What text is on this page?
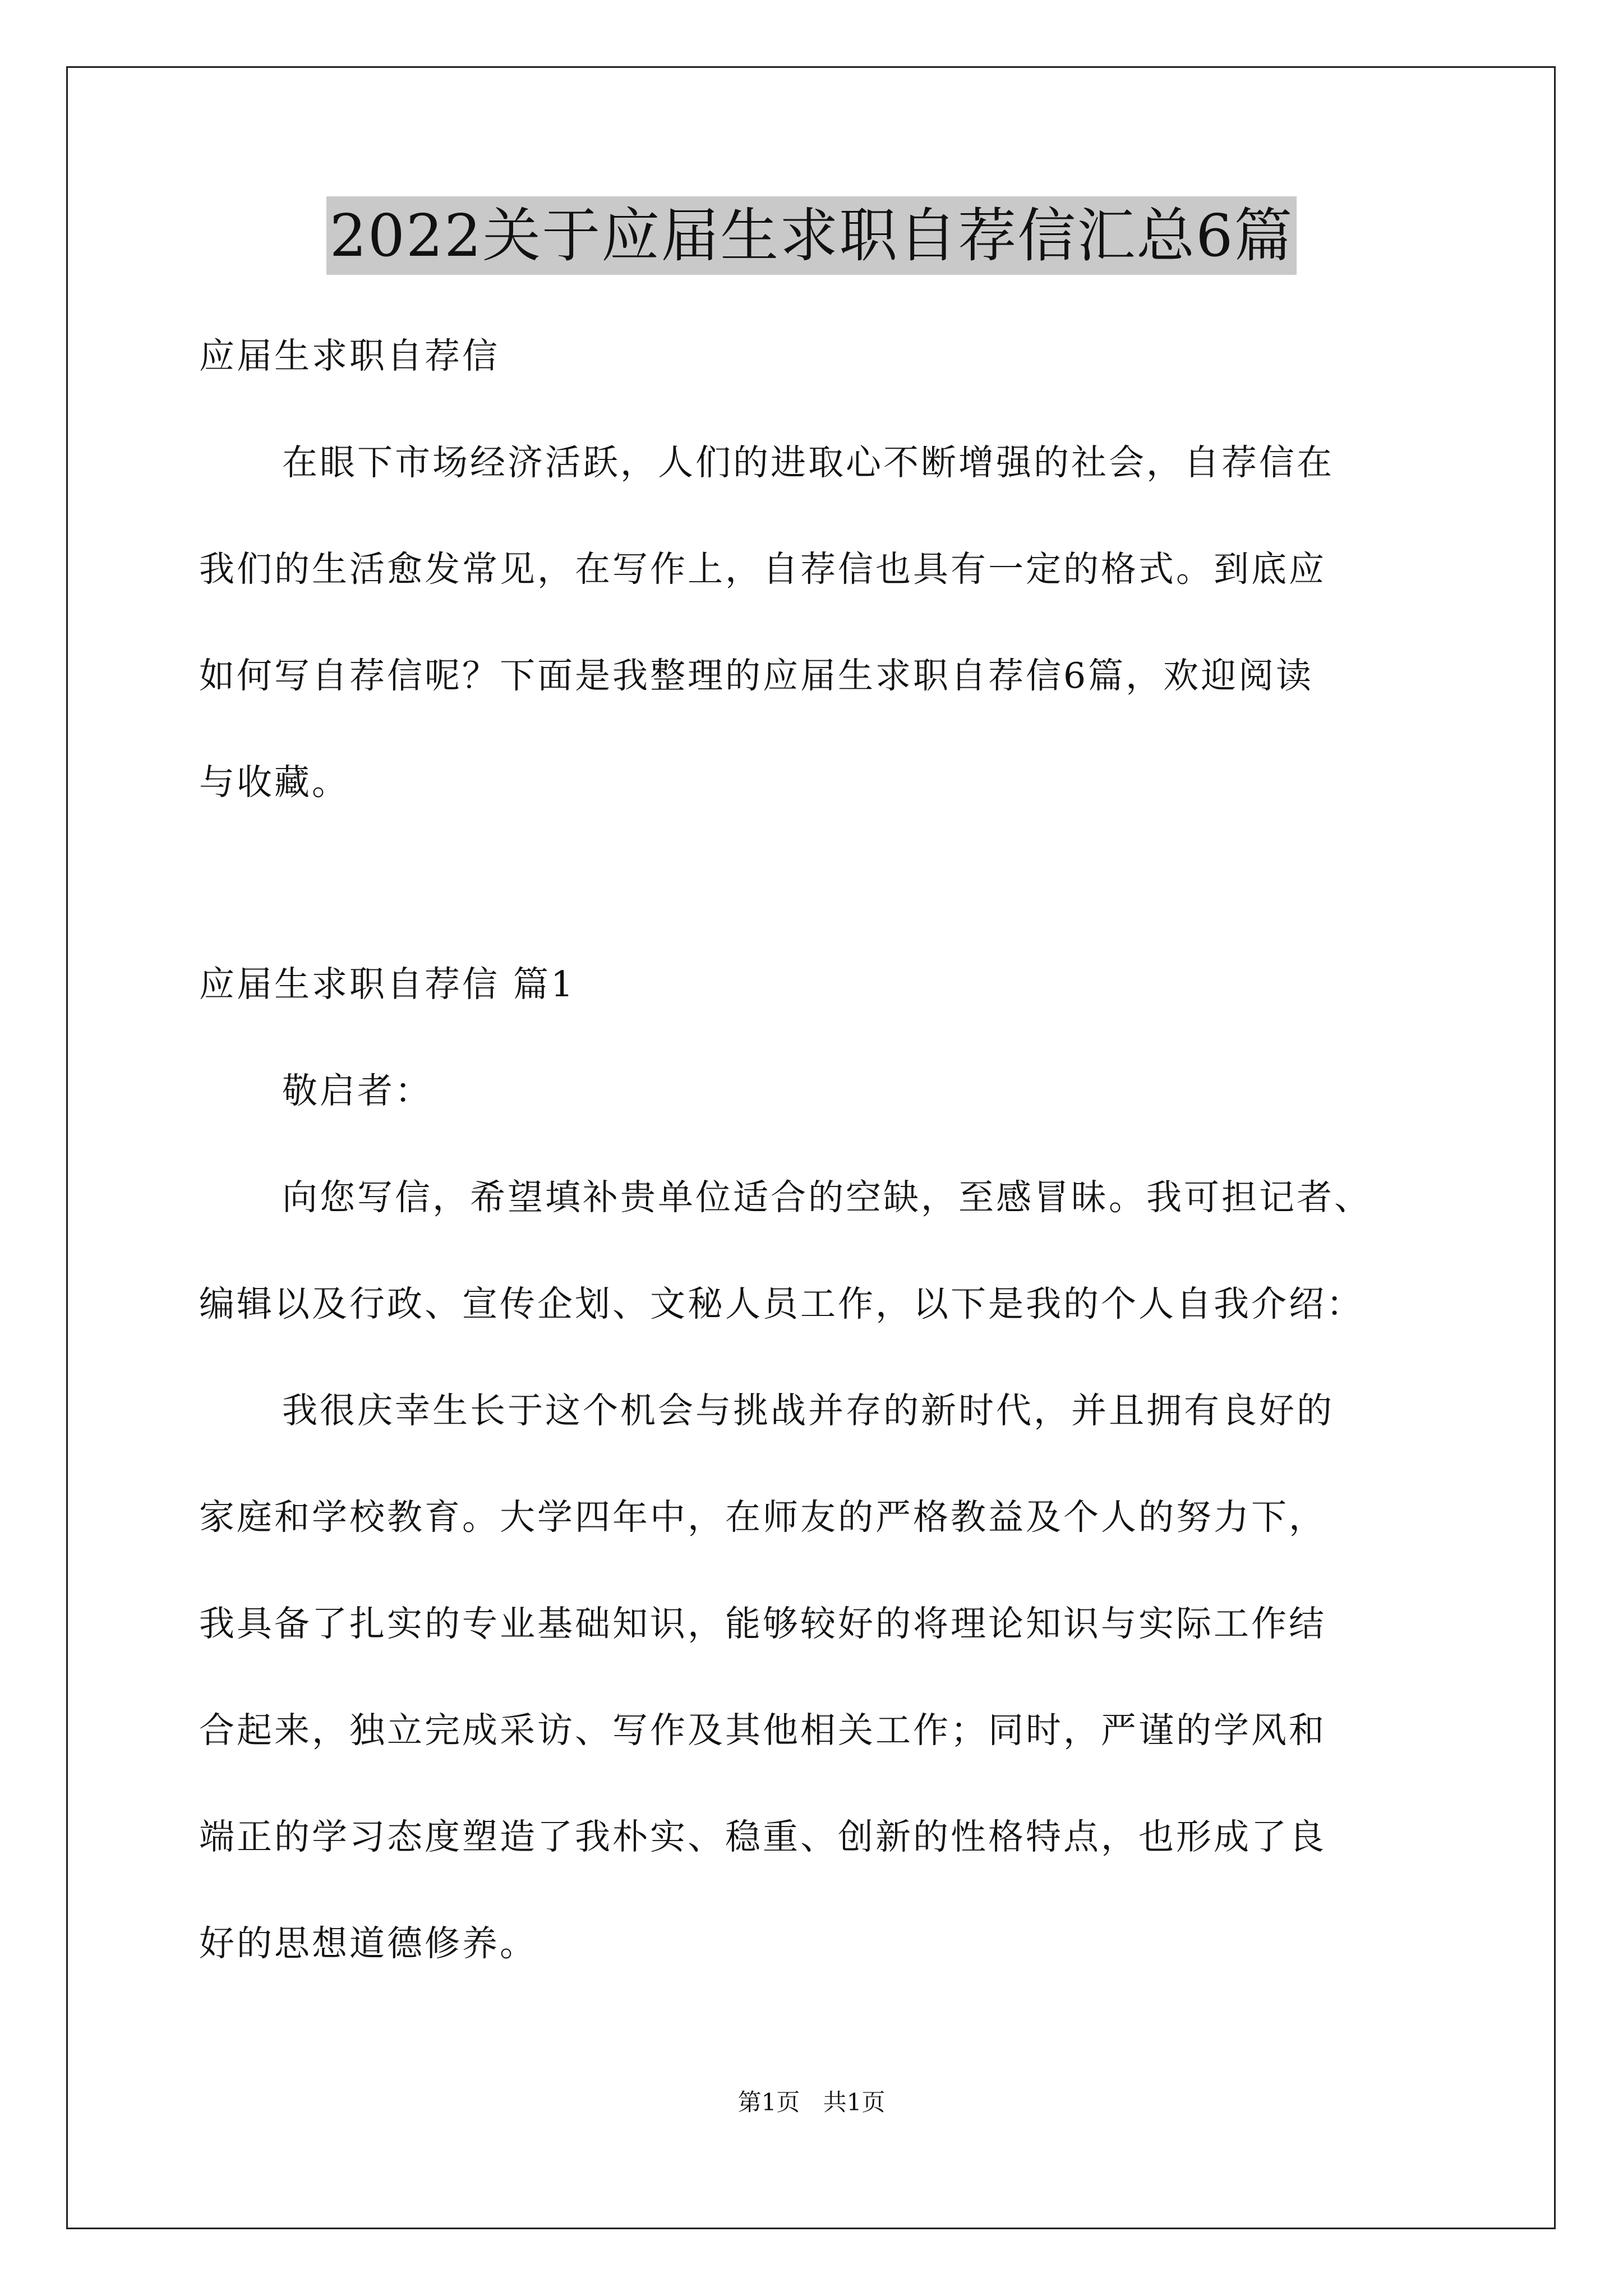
2022关于应届生求职自荐信汇总6篇
应届生求职自荐信
在眼下市场经济活跃，人们的进取心不断增强的社会，自荐信在
我们的生活愈发常见，在写作上，自荐信也具有一定的格式。到底应
如何写自荐信呢？下面是我整理的应届生求职自荐信6篇，欢迎阅读
与收藏。
应届生求职自荐信 篇1
敬启者：
向您写信，希望填补贵单位适合的空缺，至感冒昧。我可担记者、
编辑以及行政、宣传企划、文秘人员工作，以下是我的个人自我介绍：
我很庆幸生长于这个机会与挑战并存的新时代，并且拥有良好的
家庭和学校教育。大学四年中，在师友的严格教益及个人的努力下，
我具备了扎实的专业基础知识，能够较好的将理论知识与实际工作结
合起来，独立完成采访、写作及其他相关工作；同时，严谨的学风和
端正的学习态度塑造了我朴实、稳重、创新的性格特点，也形成了良
好的思想道德修养。
第1页 共1页
